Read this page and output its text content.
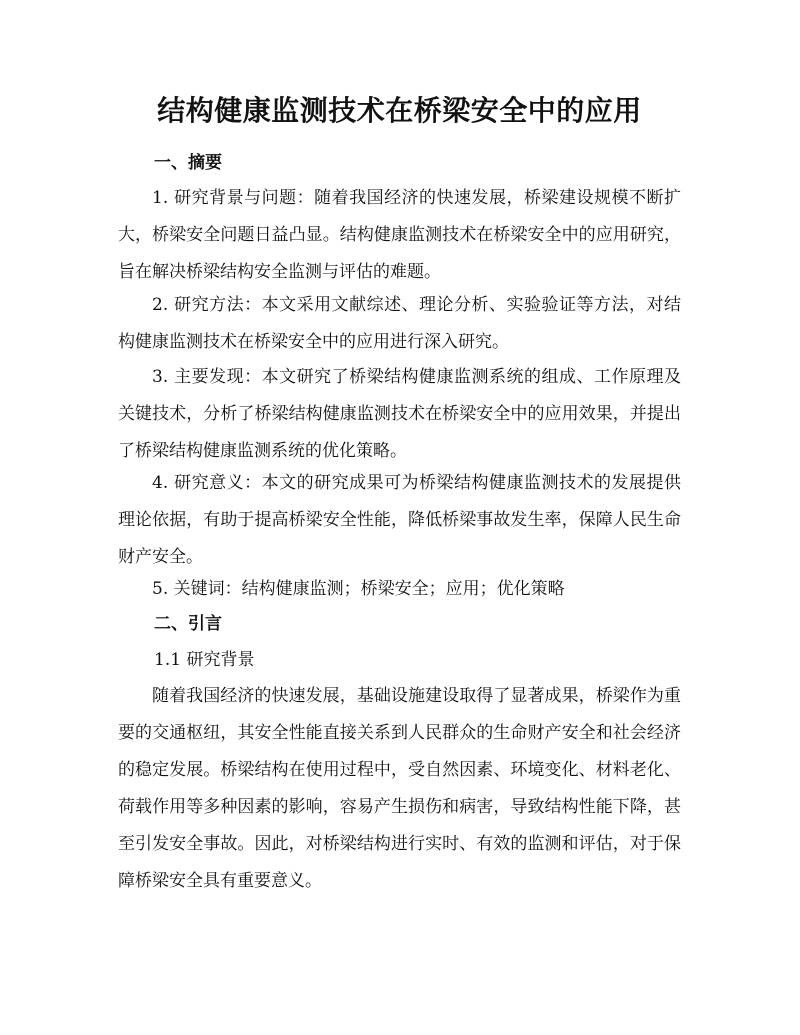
结构健康监测技术在桥梁安全中的应用
一、摘要

1. 研究背景与问题：随着我国经济的快速发展，桥梁建设规模不断扩大，桥梁安全问题日益凸显。结构健康监测技术在桥梁安全中的应用研究，旨在解决桥梁结构安全监测与评估的难题。

2. 研究方法：本文采用文献综述、理论分析、实验验证等方法，对结构健康监测技术在桥梁安全中的应用进行深入研究。

3. 主要发现：本文研究了桥梁结构健康监测系统的组成、工作原理及关键技术，分析了桥梁结构健康监测技术在桥梁安全中的应用效果，并提出了桥梁结构健康监测系统的优化策略。

4. 研究意义：本文的研究成果可为桥梁结构健康监测技术的发展提供理论依据，有助于提高桥梁安全性能，降低桥梁事故发生率，保障人民生命财产安全。

5. 关键词：结构健康监测；桥梁安全；应用；优化策略

二、引言
1.1 研究背景

随着我国经济的快速发展，基础设施建设取得了显著成果，桥梁作为重要的交通枢纽，其安全性能直接关系到人民群众的生命财产安全和社会经济的稳定发展。桥梁结构在使用过程中，受自然因素、环境变化、材料老化、荷载作用等多种因素的影响，容易产生损伤和病害，导致结构性能下降，甚至引发安全事故。因此，对桥梁结构进行实时、有效的监测和评估，对于保障桥梁安全具有重要意义。
